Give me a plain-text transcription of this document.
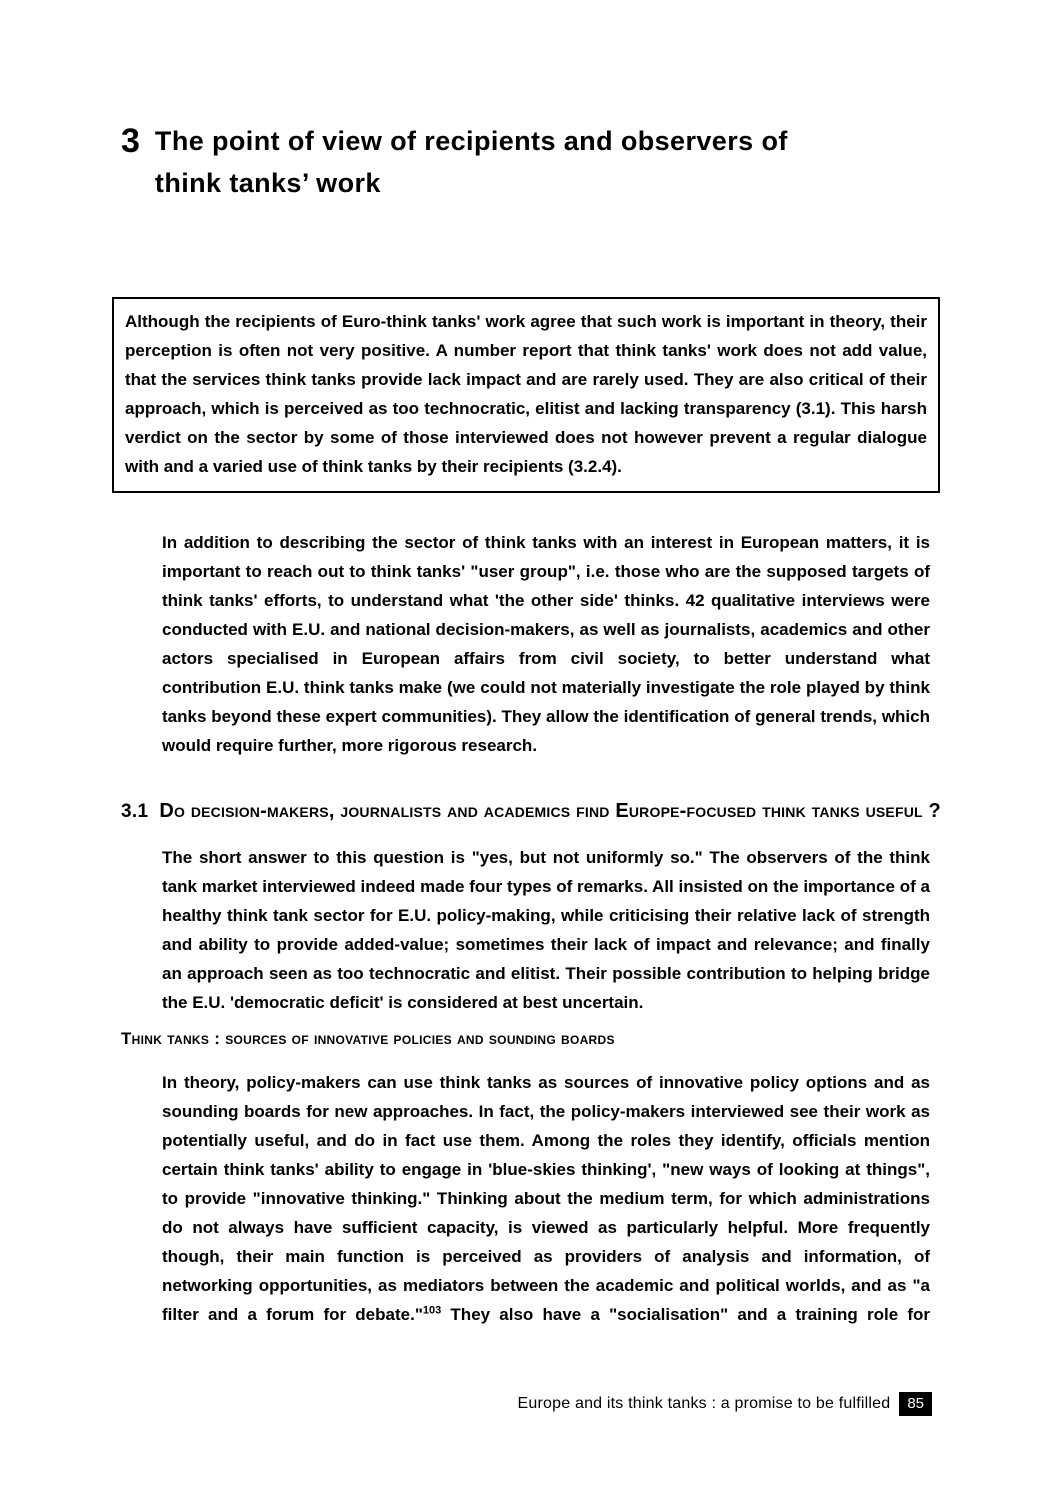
3 The point of view of recipients and observers of
think tanks’ work

Although the recipients of Euro-think tanks' work agree that such work is important in theory, their perception is often not very positive. A number report that think tanks' work does not add value, that the services think tanks provide lack impact and are rarely used. They are also critical of their approach, which is perceived as too technocratic, elitist and lacking transparency (3.1). This harsh verdict on the sector by some of those interviewed does not however prevent a regular dialogue with and a varied use of think tanks by their recipients (3.2.4).

In addition to describing the sector of think tanks with an interest in European matters, it is important to reach out to think tanks' "user group", i.e. those who are the supposed targets of think tanks' efforts, to understand what 'the other side' thinks. 42 qualitative interviews were conducted with E.U. and national decision-makers, as well as journalists, academics and other actors specialised in European affairs from civil society, to better understand what contribution E.U. think tanks make (we could not materially investigate the role played by think tanks beyond these expert communities). They allow the identification of general trends, which would require further, more rigorous research.

3.1 Do decision-makers, journalists and academics find Europe-focused think tanks useful ?

The short answer to this question is "yes, but not uniformly so." The observers of the think tank market interviewed indeed made four types of remarks. All insisted on the importance of a healthy think tank sector for E.U. policy-making, while criticising their relative lack of strength and ability to provide added-value; sometimes their lack of impact and relevance; and finally an approach seen as too technocratic and elitist. Their possible contribution to helping bridge the E.U. 'democratic deficit' is considered at best uncertain.

Think tanks : sources of innovative policies and sounding boards

In theory, policy-makers can use think tanks as sources of innovative policy options and as sounding boards for new approaches. In fact, the policy-makers interviewed see their work as potentially useful, and do in fact use them. Among the roles they identify, officials mention certain think tanks' ability to engage in 'blue-skies thinking', "new ways of looking at things", to provide "innovative thinking." Thinking about the medium term, for which administrations do not always have sufficient capacity, is viewed as particularly helpful. More frequently though, their main function is perceived as providers of analysis and information, of networking opportunities, as mediators between the academic and political worlds, and as "a filter and a forum for debate."$^{103}$ They also have a "socialisation" and a training role for

Europe and its think tanks : a promise to be fulfilled	85
